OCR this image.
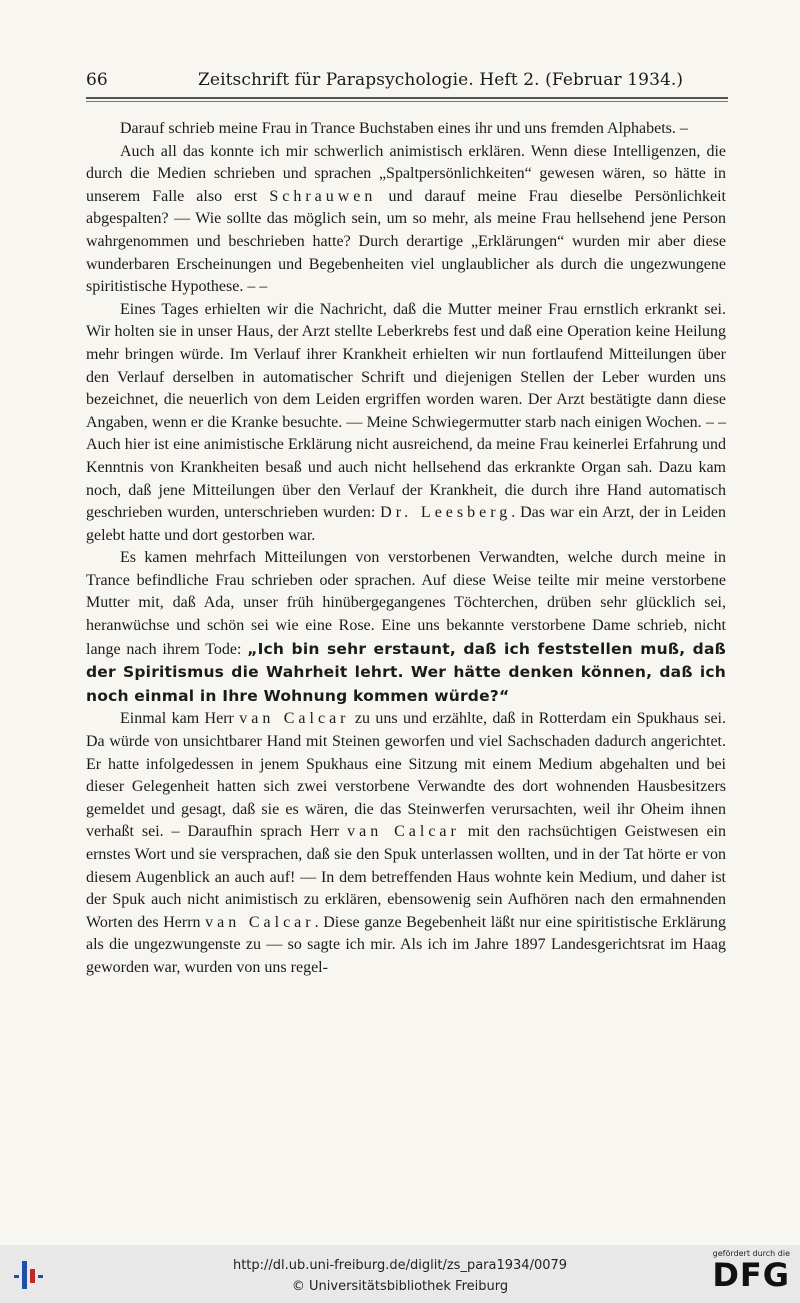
66	Zeitschrift für Parapsychologie. Heft 2. (Februar 1934.)

Darauf schrieb meine Frau in Trance Buchstaben eines ihr und uns fremden Alphabets. –

Auch all das konnte ich mir schwerlich animistisch erklären. Wenn diese Intelligenzen, die durch die Medien schrieben und sprachen „Spaltpersönlichkeiten“ gewesen wären, so hätte in unserem Falle also erst Schrauwen und darauf meine Frau dieselbe Persönlichkeit abgespalten? — Wie sollte das möglich sein, um so mehr, als meine Frau hellsehend jene Person wahrgenommen und beschrieben hatte? Durch derartige „Erklärungen“ wurden mir aber diese wunderbaren Erscheinungen und Begebenheiten viel unglaublicher als durch die ungezwungene spiritistische Hypothese. – –

Eines Tages erhielten wir die Nachricht, daß die Mutter meiner Frau ernstlich erkrankt sei. Wir holten sie in unser Haus, der Arzt stellte Leberkrebs fest und daß eine Operation keine Heilung mehr bringen würde. Im Verlauf ihrer Krankheit erhielten wir nun fortlaufend Mitteilungen über den Verlauf derselben in automatischer Schrift und diejenigen Stellen der Leber wurden uns bezeichnet, die neuerlich von dem Leiden ergriffen worden waren. Der Arzt bestätigte dann diese Angaben, wenn er die Kranke besuchte. — Meine Schwiegermutter starb nach einigen Wochen. – – Auch hier ist eine animistische Erklärung nicht ausreichend, da meine Frau keinerlei Erfahrung und Kenntnis von Krankheiten besaß und auch nicht hellsehend das erkrankte Organ sah. Dazu kam noch, daß jene Mitteilungen über den Verlauf der Krankheit, die durch ihre Hand automatisch geschrieben wurden, unterschrieben wurden: Dr. Leesberg. Das war ein Arzt, der in Leiden gelebt hatte und dort gestorben war.

Es kamen mehrfach Mitteilungen von verstorbenen Verwandten, welche durch meine in Trance befindliche Frau schrieben oder sprachen. Auf diese Weise teilte mir meine verstorbene Mutter mit, daß Ada, unser früh hinübergegangenes Töchterchen, drüben sehr glücklich sei, heranwüchse und schön sei wie eine Rose. Eine uns bekannte verstorbene Dame schrieb, nicht lange nach ihrem Tode: „Ich bin sehr erstaunt, daß ich feststellen muß, daß der Spiritismus die Wahrheit lehrt. Wer hätte denken können, daß ich noch einmal in Ihre Wohnung kommen würde?“

Einmal kam Herr van Calcar zu uns und erzählte, daß in Rotterdam ein Spukhaus sei. Da würde von unsichtbarer Hand mit Steinen geworfen und viel Sachschaden dadurch angerichtet. Er hatte infolgedessen in jenem Spukhaus eine Sitzung mit einem Medium abgehalten und bei dieser Gelegenheit hatten sich zwei verstorbene Verwandte des dort wohnenden Hausbesitzers gemeldet und gesagt, daß sie es wären, die das Steinwerfen verursachten, weil ihr Oheim ihnen verhaßt sei. – Daraufhin sprach Herr van Calcar mit den rachsüchtigen Geistwesen ein ernstes Wort und sie versprachen, daß sie den Spuk unterlassen wollten, und in der Tat hörte er von diesem Augenblick an auch auf! — In dem betreffenden Haus wohnte kein Medium, und daher ist der Spuk auch nicht animistisch zu erklären, ebensowenig sein Aufhören nach den ermahnenden Worten des Herrn van Calcar. Diese ganze Begebenheit läßt nur eine spiritistische Erklärung als die ungezwungenste zu — so sagte ich mir. Als ich im Jahre 1897 Landesgerichtsrat im Haag geworden war, wurden von uns regel-

http://dl.ub.uni-freiburg.de/diglit/zs_para1934/0079
© Universitätsbibliothek Freiburg
gefördert durch die
DFG
